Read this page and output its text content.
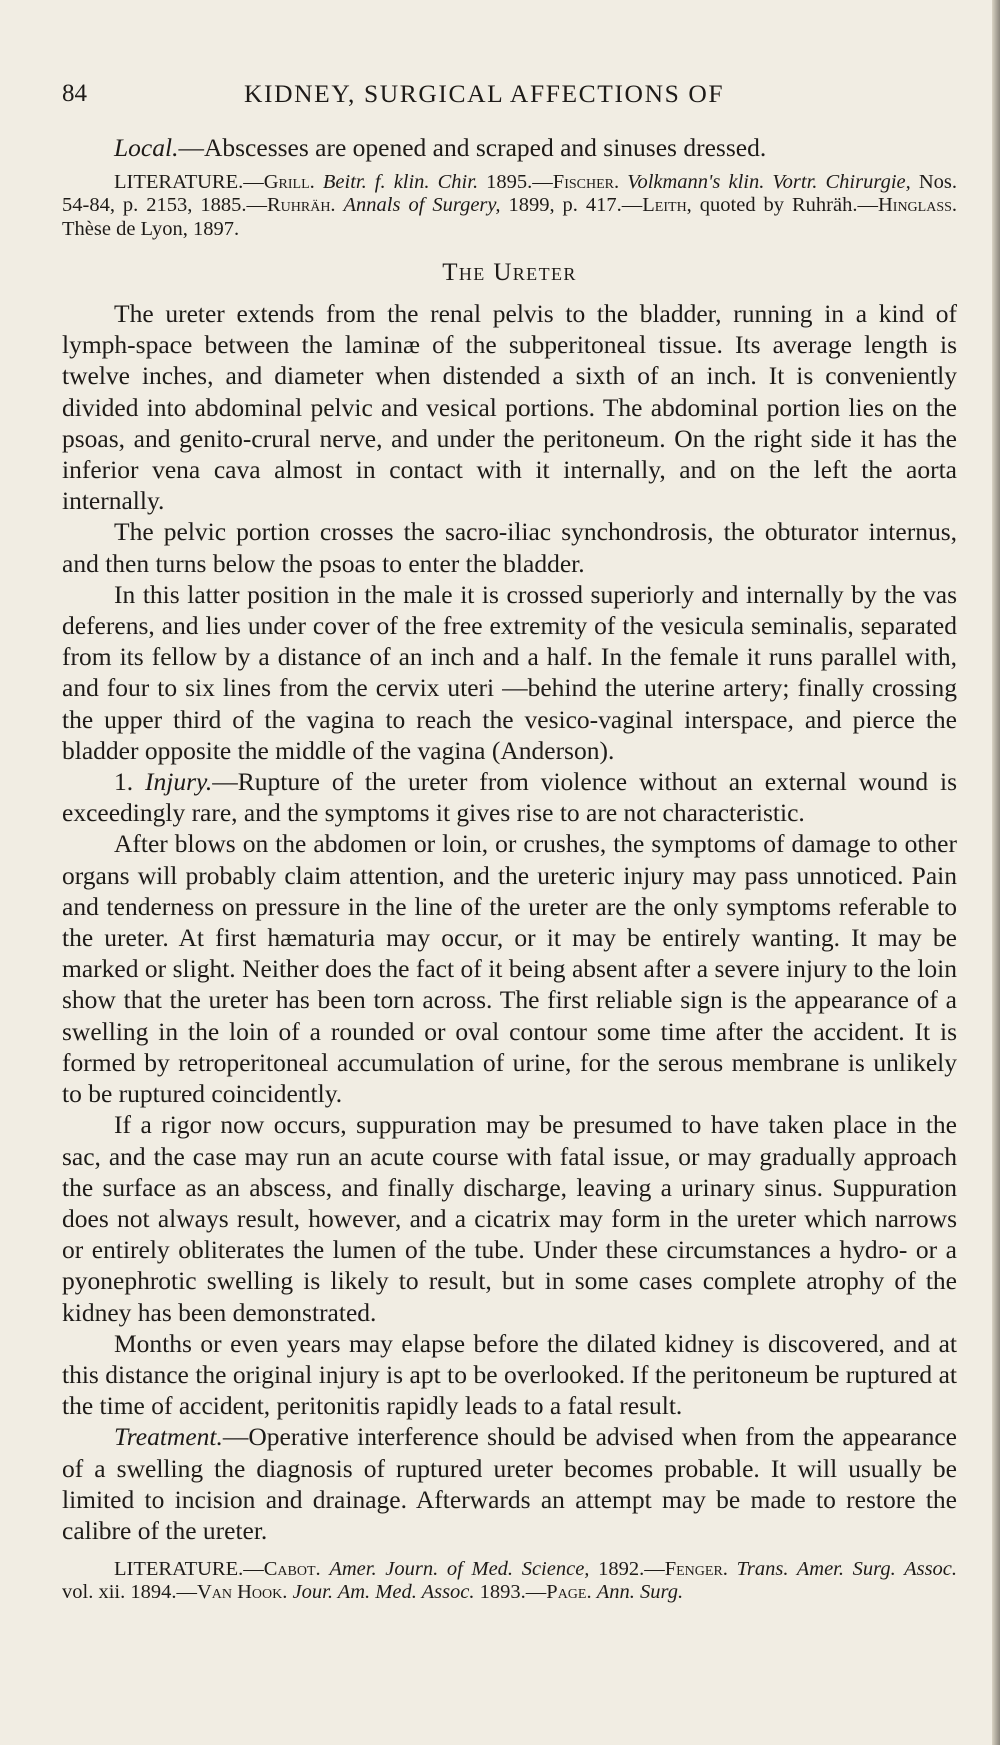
84	KIDNEY, SURGICAL AFFECTIONS OF

Local.—Abscesses are opened and scraped and sinuses dressed.

LITERATURE.—Grill. Beitr. f. klin. Chir. 1895.—Fischer. Volkmann's klin. Vortr. Chirurgie, Nos. 54-84, p. 2153, 1885.—Ruhräh. Annals of Surgery, 1899, p. 417.—Leith, quoted by Ruhräh.—Hinglass. Thèse de Lyon, 1897.

The Ureter

The ureter extends from the renal pelvis to the bladder, running in a kind of lymph-space between the laminæ of the subperitoneal tissue. Its average length is twelve inches, and diameter when distended a sixth of an inch. It is conveniently divided into abdominal pelvic and vesical portions. The abdominal portion lies on the psoas, and genito-crural nerve, and under the peritoneum. On the right side it has the inferior vena cava almost in contact with it internally, and on the left the aorta internally.

The pelvic portion crosses the sacro-iliac synchondrosis, the obturator internus, and then turns below the psoas to enter the bladder.

In this latter position in the male it is crossed superiorly and internally by the vas deferens, and lies under cover of the free extremity of the vesicula seminalis, separated from its fellow by a distance of an inch and a half. In the female it runs parallel with, and four to six lines from the cervix uteri —behind the uterine artery; finally crossing the upper third of the vagina to reach the vesico-vaginal interspace, and pierce the bladder opposite the middle of the vagina (Anderson).

1. Injury.—Rupture of the ureter from violence without an external wound is exceedingly rare, and the symptoms it gives rise to are not characteristic.

After blows on the abdomen or loin, or crushes, the symptoms of damage to other organs will probably claim attention, and the ureteric injury may pass unnoticed. Pain and tenderness on pressure in the line of the ureter are the only symptoms referable to the ureter. At first hæmaturia may occur, or it may be entirely wanting. It may be marked or slight. Neither does the fact of it being absent after a severe injury to the loin show that the ureter has been torn across. The first reliable sign is the appearance of a swelling in the loin of a rounded or oval contour some time after the accident. It is formed by retroperitoneal accumulation of urine, for the serous membrane is unlikely to be ruptured coincidently.

If a rigor now occurs, suppuration may be presumed to have taken place in the sac, and the case may run an acute course with fatal issue, or may gradually approach the surface as an abscess, and finally discharge, leaving a urinary sinus. Suppuration does not always result, however, and a cicatrix may form in the ureter which narrows or entirely obliterates the lumen of the tube. Under these circumstances a hydro- or a pyonephrotic swelling is likely to result, but in some cases complete atrophy of the kidney has been demonstrated.

Months or even years may elapse before the dilated kidney is discovered, and at this distance the original injury is apt to be overlooked. If the peritoneum be ruptured at the time of accident, peritonitis rapidly leads to a fatal result.

Treatment.—Operative interference should be advised when from the appearance of a swelling the diagnosis of ruptured ureter becomes probable. It will usually be limited to incision and drainage. Afterwards an attempt may be made to restore the calibre of the ureter.

LITERATURE.—Cabot. Amer. Journ. of Med. Science, 1892.—Fenger. Trans. Amer. Surg. Assoc. vol. xii. 1894.—Van Hook. Jour. Am. Med. Assoc. 1893.—Page. Ann. Surg.
